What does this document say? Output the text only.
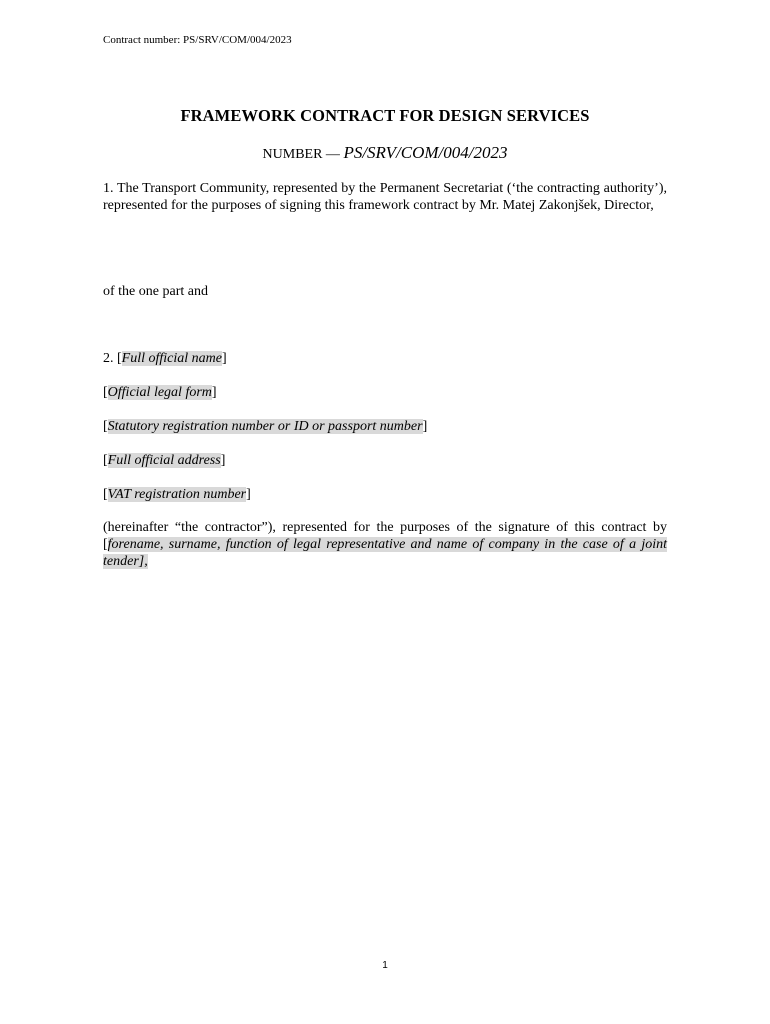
Contract number: PS/SRV/COM/004/2023
FRAMEWORK CONTRACT FOR DESIGN SERVICES
NUMBER — PS/SRV/COM/004/2023
1. The Transport Community, represented by the Permanent Secretariat (‘the contracting authority’), represented for the purposes of signing this framework contract by Mr. Matej Zakonjšek, Director,
of the one part and
2. [Full official name]
[Official legal form]
[Statutory registration number or ID or passport number]
[Full official address]
[VAT registration number]
(hereinafter “the contractor”), represented for the purposes of the signature of this contract by [forename, surname, function of legal representative and name of company in the case of a joint tender],
1
